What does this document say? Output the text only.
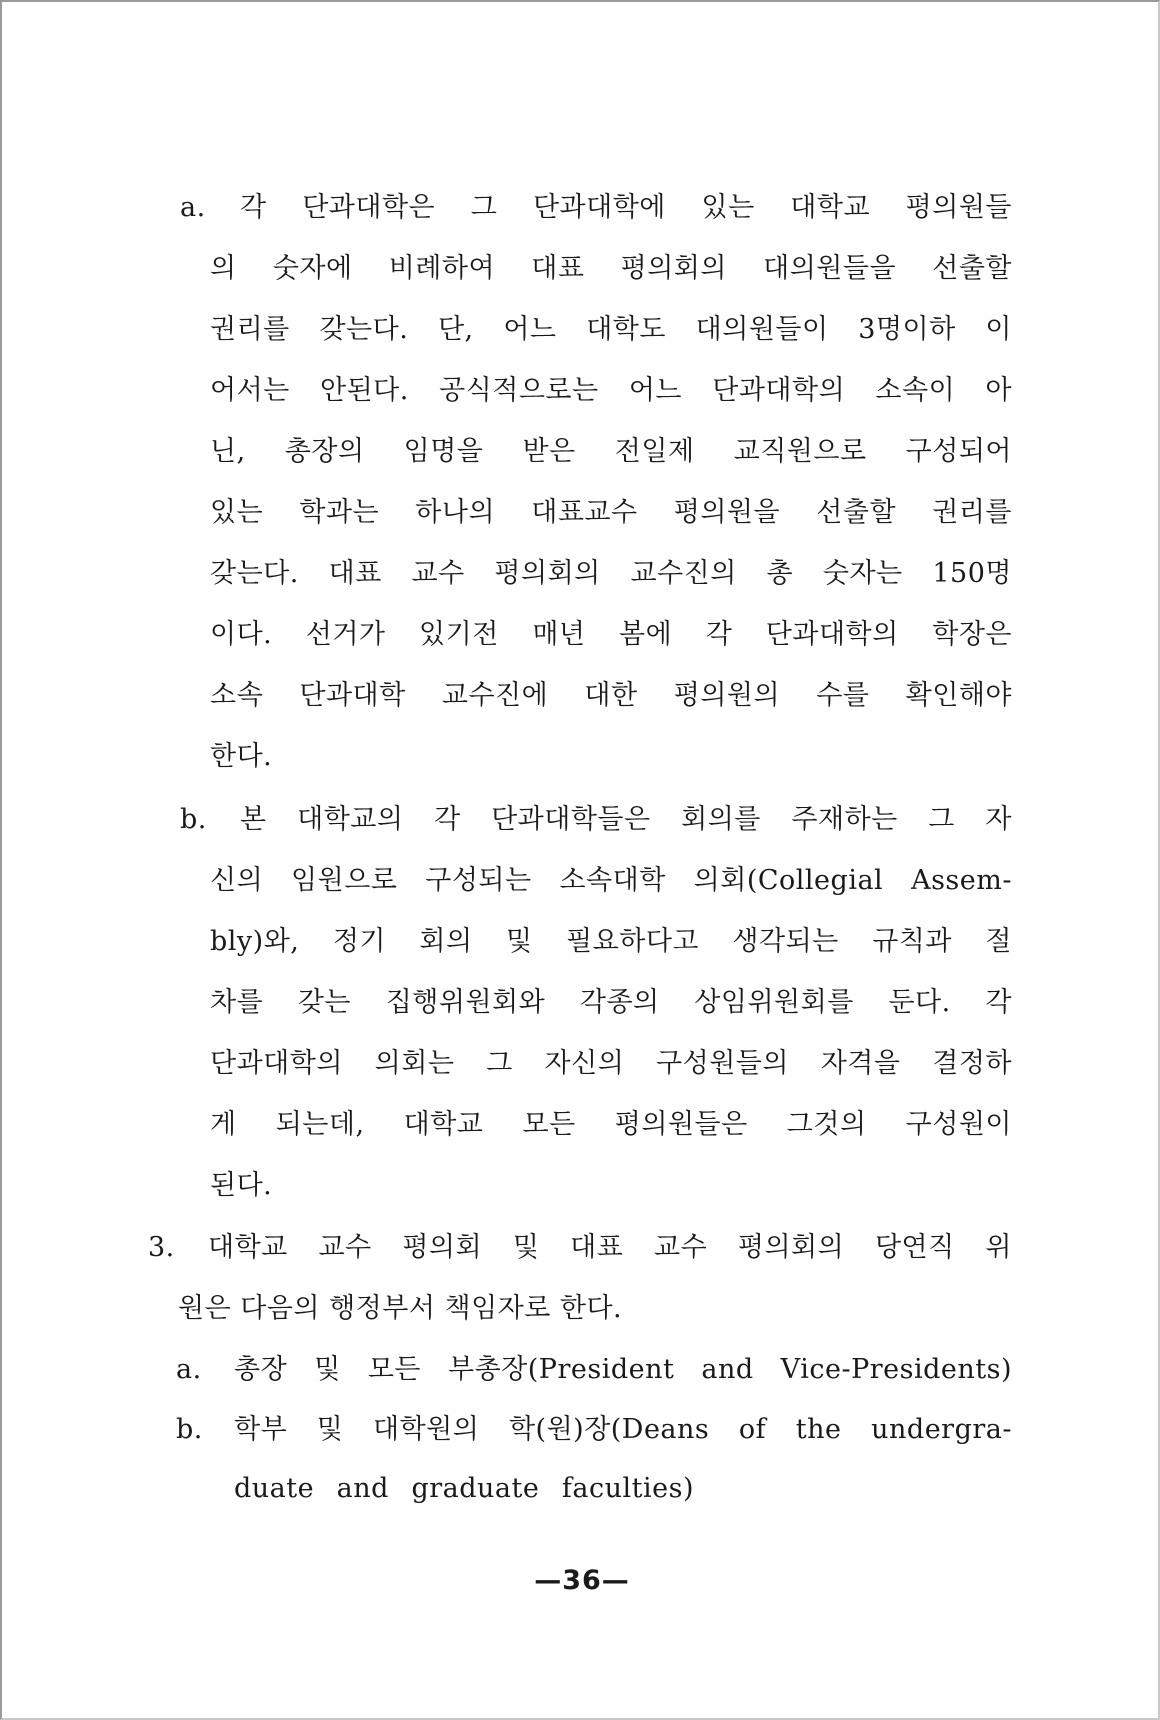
a. 각 단과대학은 그 단과대학에 있는 대학교 평의원들
의 숫자에 비례하여 대표 평의회의 대의원들을 선출할
권리를 갖는다. 단, 어느 대학도 대의원들이 3명이하 이
어서는 안된다. 공식적으로는 어느 단과대학의 소속이 아
닌, 총장의 임명을 받은 전일제 교직원으로 구성되어
있는 학과는 하나의 대표교수 평의원을 선출할 권리를
갖는다. 대표 교수 평의회의 교수진의 총 숫자는 150명
이다. 선거가 있기전 매년 봄에 각 단과대학의 학장은
소속 단과대학 교수진에 대한 평의원의 수를 확인해야
한다.
b. 본 대학교의 각 단과대학들은 회의를 주재하는 그 자
신의 임원으로 구성되는 소속대학 의회(Collegial Assem-
bly)와, 정기 회의 및 필요하다고 생각되는 규칙과 절
차를 갖는 집행위원회와 각종의 상임위원회를 둔다. 각
단과대학의 의회는 그 자신의 구성원들의 자격을 결정하
게 되는데, 대학교 모든 평의원들은 그것의 구성원이
된다.
3. 대학교 교수 평의회 및 대표 교수 평의회의 당연직 위
원은 다음의 행정부서 책임자로 한다.
a. 총장 및 모든 부총장(President and Vice-Presidents)
b. 학부 및 대학원의 학(원)장(Deans of the undergra-
duate and graduate faculties)
—36—
